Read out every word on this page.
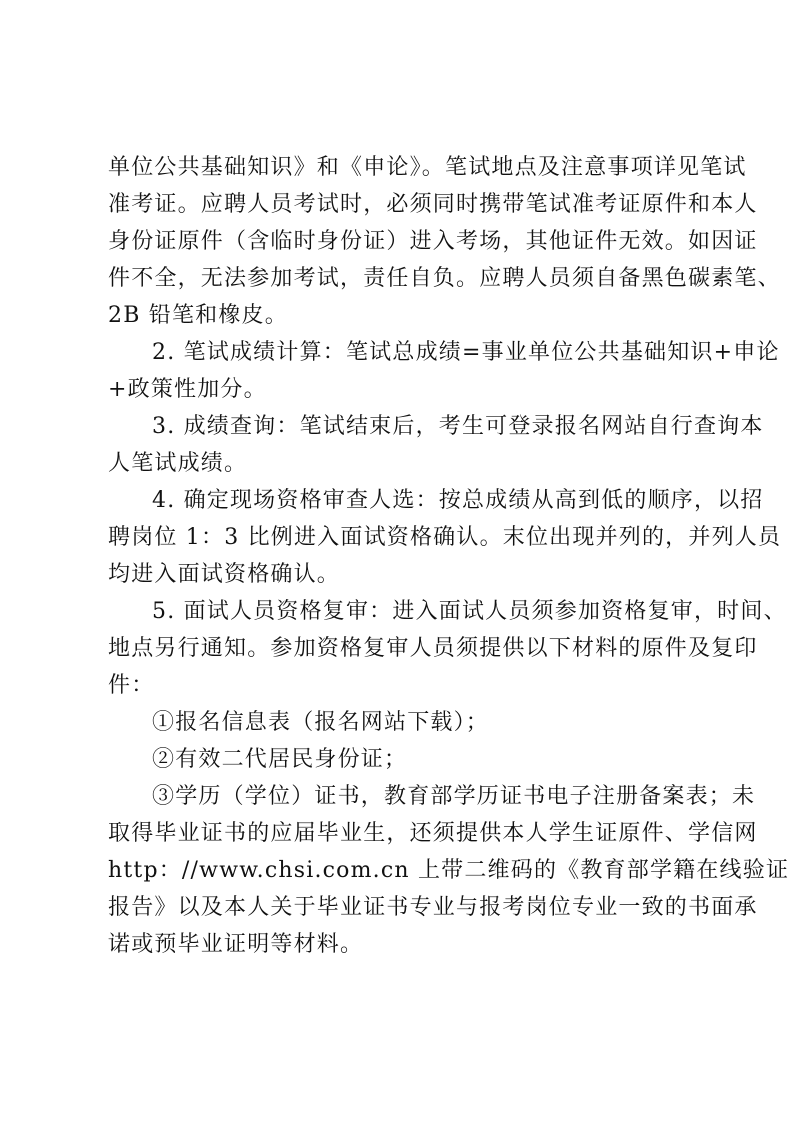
单位公共基础知识》和《申论》。笔试地点及注意事项详见笔试
准考证。应聘人员考试时，必须同时携带笔试准考证原件和本人
身份证原件（含临时身份证）进入考场，其他证件无效。如因证
件不全，无法参加考试，责任自负。应聘人员须自备黑色碳素笔、
2B 铅笔和橡皮。
2. 笔试成绩计算：笔试总成绩=事业单位公共基础知识+申论
+政策性加分。
3. 成绩查询：笔试结束后，考生可登录报名网站自行查询本
人笔试成绩。
4. 确定现场资格审查人选：按总成绩从高到低的顺序，以招
聘岗位 1：3 比例进入面试资格确认。末位出现并列的，并列人员
均进入面试资格确认。
5. 面试人员资格复审：进入面试人员须参加资格复审，时间、
地点另行通知。参加资格复审人员须提供以下材料的原件及复印
件：
①报名信息表（报名网站下载）；
②有效二代居民身份证；
③学历（学位）证书，教育部学历证书电子注册备案表；未
取得毕业证书的应届毕业生，还须提供本人学生证原件、学信网
http：//www.chsi.com.cn 上带二维码的《教育部学籍在线验证
报告》以及本人关于毕业证书专业与报考岗位专业一致的书面承
诺或预毕业证明等材料。
